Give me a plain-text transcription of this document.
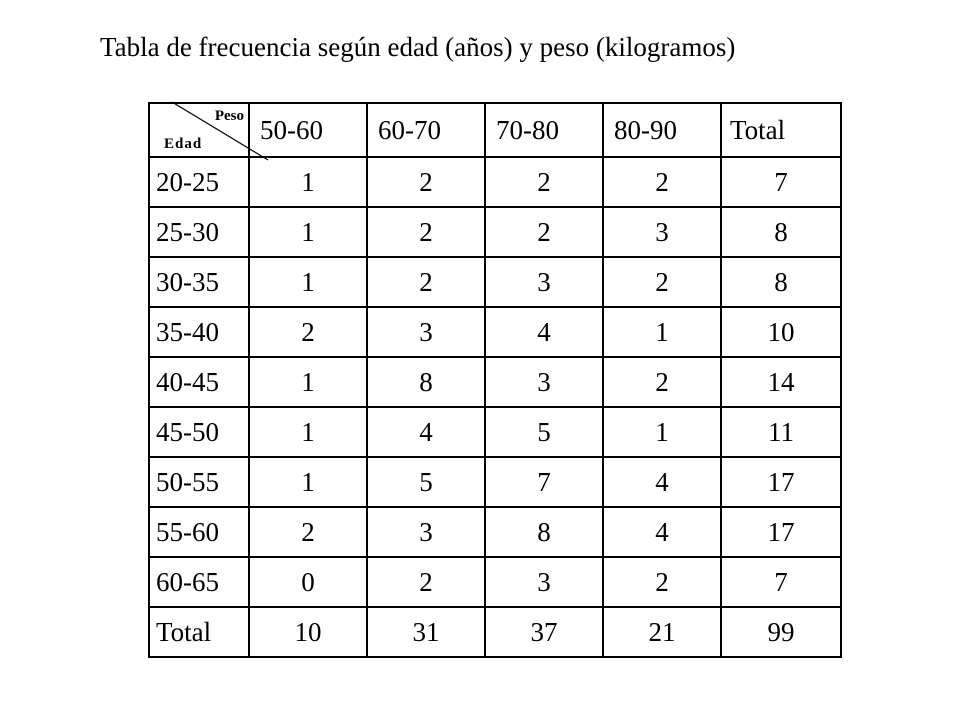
Tabla de frecuencia según edad (años) y peso (kilogramos)
Peso
Edad	50-60	60-70	70-80	80-90	Total
20-25	1	2	2	2	7
25-30	1	2	2	3	8
30-35	1	2	3	2	8
35-40	2	3	4	1	10
40-45	1	8	3	2	14
45-50	1	4	5	1	11
50-55	1	5	7	4	17
55-60	2	3	8	4	17
60-65	0	2	3	2	7
Total	10	31	37	21	99
